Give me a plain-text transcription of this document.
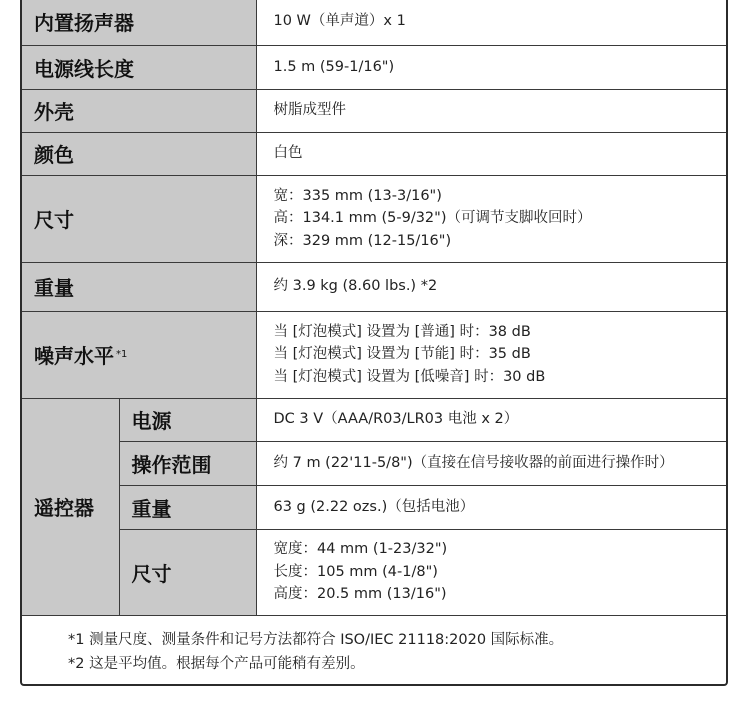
内置扬声器		10 W（单声道）x 1
电源线长度		1.5 m (59-1/16")
外壳		树脂成型件
颜色		白色
尺寸		宽：335 mm (13-3/16")
高：134.1 mm (5-9/32")（可调节支脚收回时）
深：329 mm (12-15/16")

重量		约 3.9 kg (8.60 lbs.) *2
噪声水平 $^{*1}$		当 [灯泡模式] 设置为 [普通] 时：38 dB
当 [灯泡模式] 设置为 [节能] 时：35 dB
当 [灯泡模式] 设置为 [低噪音] 时：30 dB

遥控器	电源	DC 3 V（AAA/R03/LR03 电池 x 2）
	操作范围	约 7 m (22'11-5/8")（直接在信号接收器的前面进行操作时）
	重量	63 g (2.22 ozs.)（包括电池）
	尺寸	宽度：44 mm (1-23/32")
长度：105 mm (4-1/8")
高度：20.5 mm (13/16")
*1 测量尺度、测量条件和记号方法都符合 ISO/IEC 21118:2020 国际标准。
*2 这是平均值。根据每个产品可能稍有差别。
